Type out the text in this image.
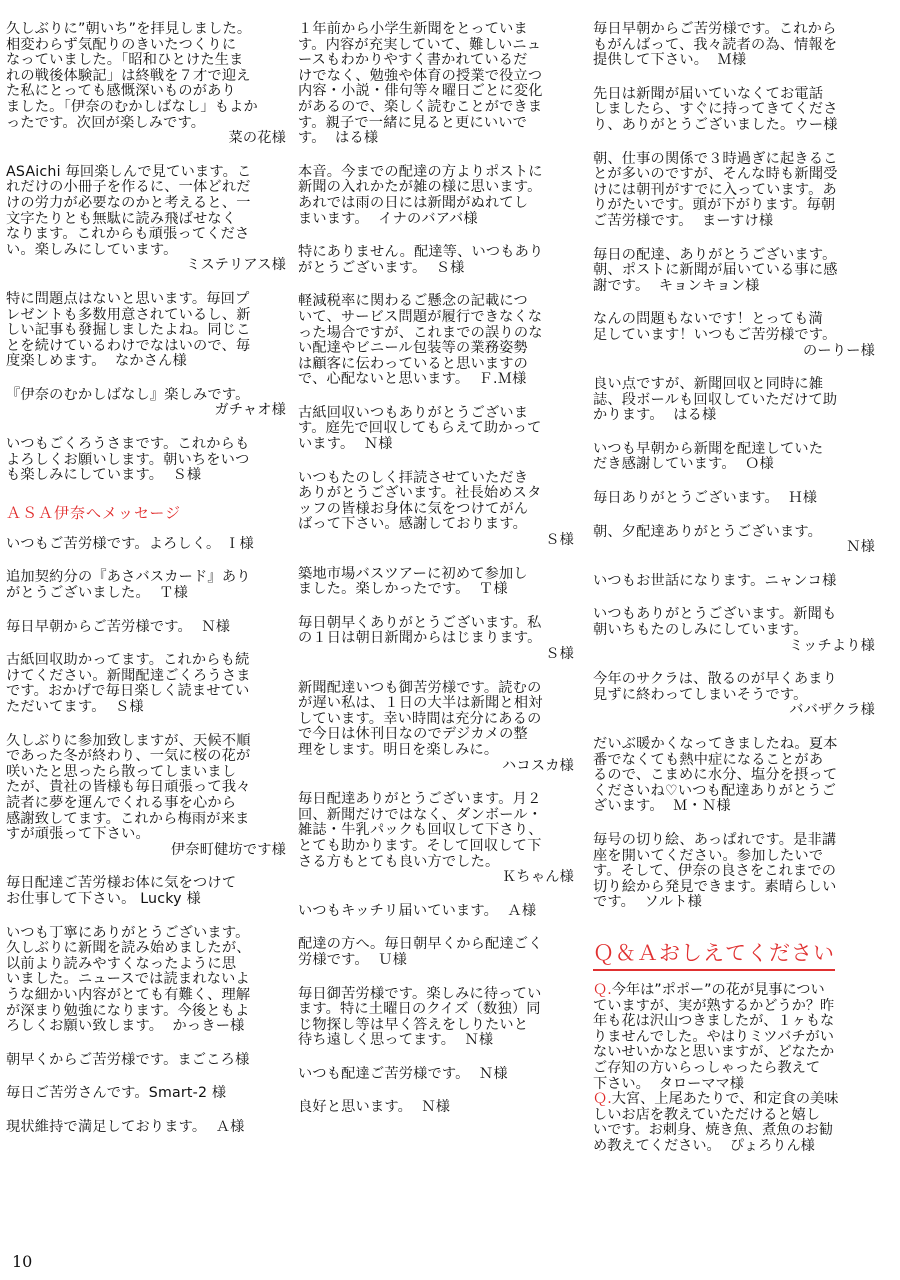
久しぶりに”朝いち”を拝見しました。
相変わらず気配りのきいたつくりに
なっていました。「昭和ひとけた生ま
れの戦後体験記」は終戦を７才で迎え
た私にとっても感慨深いものがあり
ました。「伊奈のむかしばなし」もよか
ったです。次回が楽しみです。
菜の花様
ASAichi 毎回楽しんで見ています。こ
れだけの小冊子を作るに、一体どれだ
けの労力が必要なのかと考えると、一
文字たりとも無駄に読み飛ばせなく
なります。これからも頑張ってくださ
い。楽しみにしています。
ミステリアス様
特に問題点はないと思います。毎回プ
レゼントも多数用意されているし、新
しい記事も發掘しましたよね。同じこ
とを続けているわけでなはいので、毎
度楽しめます。  なかさん様
『伊奈のむかしばなし』楽しみです。
ガチャオ様
いつもごくろうさまです。これからも
よろしくお願いします。朝いちをいつ
も楽しみにしています。  Ｓ様
ＡＳＡ伊奈へメッセージ
いつもご苦労様です。よろしく。 Ｉ様
追加契約分の『あさバスカード』あり
がとうございました。  Ｔ様
毎日早朝からご苦労様です。  Ｎ様
古紙回収助かってます。これからも続
けてください。新聞配達ごくろうさま
です。おかげで毎日楽しく読ませてい
ただいてます。  Ｓ様
久しぶりに参加致しますが、天候不順
であった冬が終わり、一気に桜の花が
咲いたと思ったら散ってしまいまし
たが、貴社の皆様も毎日頑張って我々
読者に夢を運んでくれる事を心から
感謝致してます。これから梅雨が来ま
すが頑張って下さい。
伊奈町健坊です様
毎日配達ご苦労様お体に気をつけて
お仕事して下さい。 Lucky 様
いつも丁寧にありがとうございます。
久しぶりに新聞を読み始めましたが、
以前より読みやすくなったように思
いました。ニュースでは読まれないよ
うな細かい内容がとても有難く、理解
が深まり勉強になります。今後ともよ
ろしくお願い致します。  かっきー様
朝早くからご苦労様です。まごころ様
毎日ご苦労さんです。Smart-2 様
現状維持で満足しております。  Ａ様
１年前から小学生新聞をとっていま
す。内容が充実していて、難しいニュ
ースもわかりやすく書かれているだ
けでなく、勉強や体育の授業で役立つ
内容・小説・俳句等々曜日ごとに変化
があるので、楽しく読むことができま
す。親子で一緒に見ると更にいいで
す。  はる様
本音。今までの配達の方よりポストに
新聞の入れかたが雑の様に思います。
あれでは雨の日には新聞がぬれてし
まいます。  イナのバアバ様
特にありません。配達等、いつもあり
がとうございます。  Ｓ様
軽減税率に関わるご懸念の記載につ
いて、サービス問題が履行できなくな
った場合ですが、これまでの誤りのな
い配達やビニール包装等の業務姿勢
は顧客に伝わっていると思いますの
で、心配ないと思います。  Ｆ.Ｍ様
古紙回収いつもありがとうございま
す。庭先で回収してもらえて助かって
います。  Ｎ様
いつもたのしく拝読させていただき
ありがとうございます。社長始めスタ
ッフの皆様お身体に気をつけてがん
ばって下さい。感謝しております。
Ｓ様
築地市場バスツアーに初めて参加し
ました。楽しかったです。  Ｔ様
毎日朝早くありがとうございます。私
の１日は朝日新聞からはじまります。
Ｓ様
新聞配達いつも御苦労様です。読むの
が遅い私は、１日の大半は新聞と相対
しています。幸い時間は充分にあるの
で今日は休刊日なのでデジカメの整
理をします。明日を楽しみに。
ハコスカ様
毎日配達ありがとうございます。月２
回、新聞だけではなく、ダンボール・
雑誌・牛乳パックも回収して下さり、
とても助かります。そして回収して下
さる方もとても良い方でした。
Ｋちゃん様
いつもキッチリ届いています。  Ａ様
配達の方へ。毎日朝早くから配達ごく
労様です。  Ｕ様
毎日御苦労様です。楽しみに待ってい
ます。特に土曜日のクイズ（数独）同
じ物探し等は早く答えをしりたいと
待ち遠しく思ってます。  Ｎ様
いつも配達ご苦労様です。  Ｎ様
良好と思います。  Ｎ様
毎日早朝からご苦労様です。これから
もがんばって、我々読者の為、情報を
提供して下さい。  Ｍ様
先日は新聞が届いていなくてお電話
しましたら、すぐに持ってきてくださ
り、ありがとうございました。ウー様
朝、仕事の関係で３時過ぎに起きるこ
とが多いのですが、そんな時も新聞受
けには朝刊がすでに入っています。あ
りがたいです。頭が下がります。毎朝
ご苦労様です。  まーすけ様
毎日の配達、ありがとうございます。
朝、ポストに新聞が届いている事に感
謝です。  キョンキョン様
なんの問題もないです！とっても満
足しています！いつもご苦労様です。
のーりー様
良い点ですが、新聞回収と同時に雑
誌、段ボールも回収していただけて助
かります。  はる様
いつも早朝から新聞を配達していた
だき感謝しています。  Ｏ様
毎日ありがとうございます。  Ｈ様
朝、夕配達ありがとうございます。
Ｎ様
いつもお世話になります。ニャンコ様
いつもありがとうございます。新聞も
朝いちもたのしみにしています。
ミッチより様
今年のサクラは、散るのが早くあまり
見ずに終わってしまいそうです。
ババザクラ様
だいぶ暖かくなってきましたね。夏本
番でなくても熱中症になることがあ
るので、こまめに水分、塩分を摂って
くださいね♡いつも配達ありがとうご
ざいます。  Ｍ・Ｎ様
毎号の切り絵、あっぱれです。是非講
座を開いてください。参加したいで
す。そして、伊奈の良さをこれまでの
切り絵から発見できます。素晴らしい
です。  ソルト様
Ｑ＆Ａおしえてください
Ｑ.今年は”ポポー”の花が見事につい
ていますが、実が熟するかどうか？昨
年も花は沢山つきましたが、１ヶもな
りませんでした。やはりミツバチがい
ないせいかなと思いますが、どなたか
ご存知の方いらっしゃったら教えて
下さい。  タローママ様
Ｑ.大宮、上尾あたりで、和定食の美味
しいお店を教えていただけると嬉し
いです。お刺身、焼き魚、煮魚のお勧
め教えてください。  ぴょろりん様
10
